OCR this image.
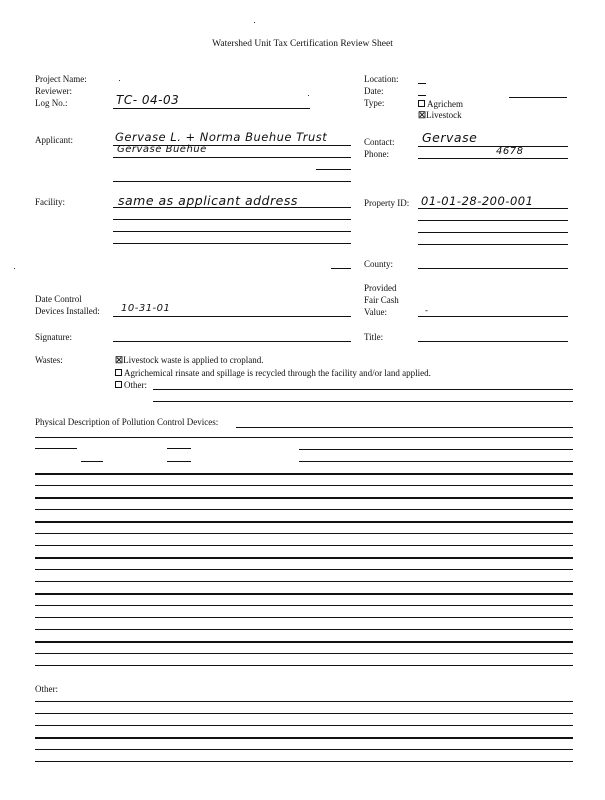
Watershed Unit Tax Certification Review Sheet
Project Name:
Reviewer:
Log No.:	TC- 04-03
Location:
Date:
Type:	Agrichem
☒Livestock
Applicant:	Gervase L. + Norma Buehue Trust
Gervase Buehue
Contact: Gervase
Phone:	4678
Facility:	same as applicant address	Property ID: 01-01-28-200-001
County:
Date Control
Devices Installed: 10-31-01
Provided
Fair Cash
Value:	-
Signature:	Title:
Wastes:	☒Livestock waste is applied to cropland.
Agrichemical rinsate and spillage is recycled through the facility and/or land applied.
Other:
Physical Description of Pollution Control Devices:
Other:
